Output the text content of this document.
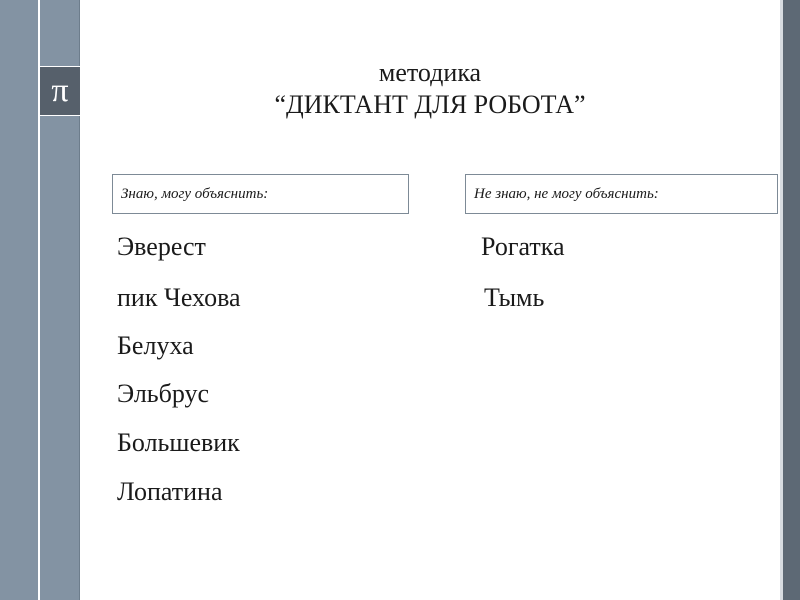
π	методика
“ДИКТАНТ ДЛЯ РОБОТА”
Знаю, могу объяснить:	Не знаю, не могу объяснить:
Эверест
пик Чехова
Белуха
Эльбрус
Большевик
Лопатина
Рогатка
Тымь
